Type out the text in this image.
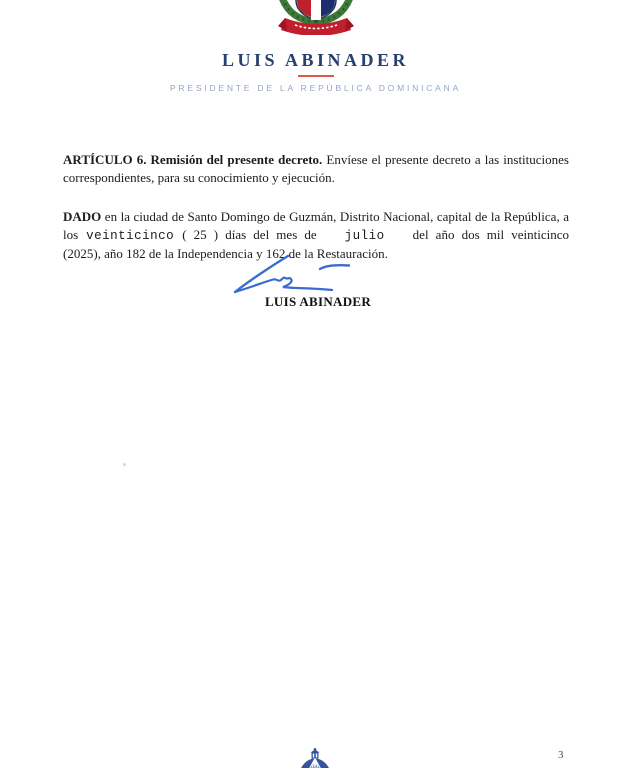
LUIS ABINADER
PRESIDENTE DE LA REPÚBLICA DOMINICANA

ARTÍCULO 6. Remisión del presente decreto. Envíese el presente decreto a las instituciones correspondientes, para su conocimiento y ejecución.

DADO en la ciudad de Santo Domingo de Guzmán, Distrito Nacional, capital de la República, a los veinticinco ( 25 ) días del mes de julio del año dos mil veinticinco (2025), año 182 de la Independencia y 162 de la Restauración.

LUIS ABINADER
3
